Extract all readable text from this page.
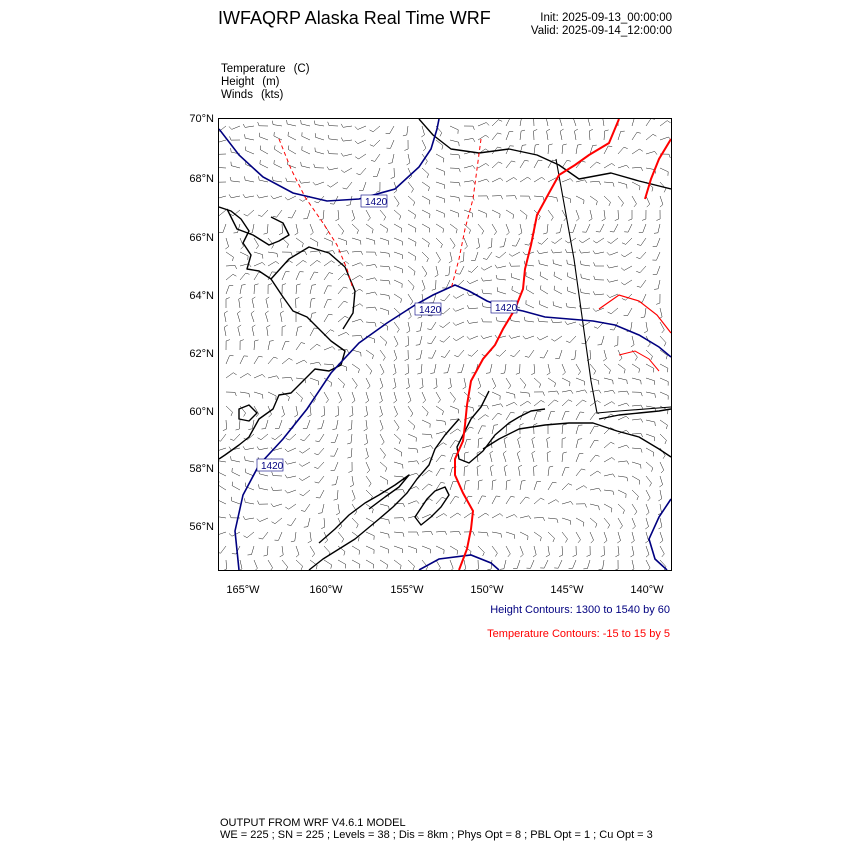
IWFAQRP Alaska Real Time WRF	Init: 2025-09-13_00:00:00
Valid: 2025-09-14_12:00:00
Temperature (C)
Height (m)
Winds (kts)
70°N
68°N
66°N
64°N
62°N
60°N
58°N
56°N
165°W	160°W	155°W	150°W	145°W	140°W
1420
1420	1420
1420
Height Contours: 1300 to 1540 by 60
Temperature Contours: -15 to 15 by 5
OUTPUT FROM WRF V4.6.1 MODEL
WE = 225 ; SN = 225 ; Levels = 38 ; Dis = 8km ; Phys Opt = 8 ; PBL Opt = 1 ; Cu Opt = 3
